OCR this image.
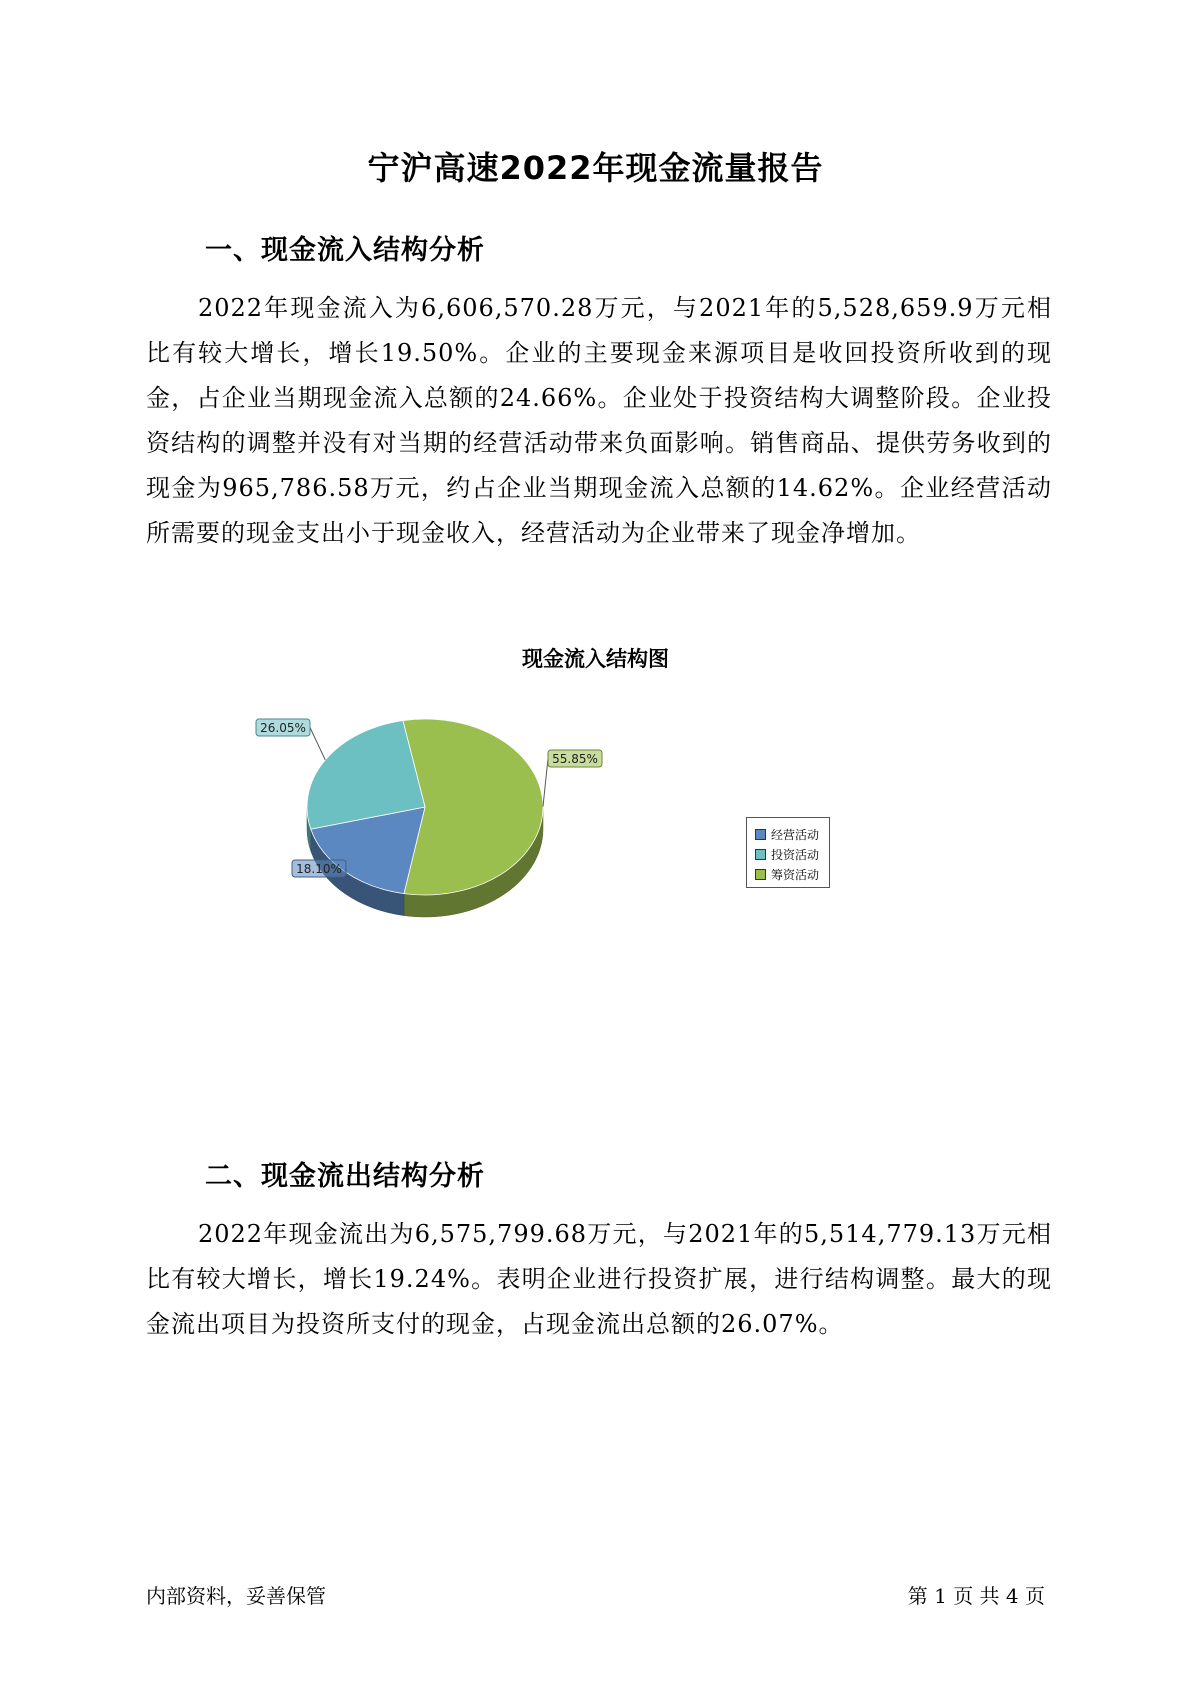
宁沪高速2022年现金流量报告
一、现金流入结构分析
2022年现金流入为6,606,570.28万元，与2021年的5,528,659.9万元相比有较大增长，增长19.50%。企业的主要现金来源项目是收回投资所收到的现金，占企业当期现金流入总额的24.66%。企业处于投资结构大调整阶段。企业投资结构的调整并没有对当期的经营活动带来负面影响。销售商品、提供劳务收到的现金为965,786.58万元，约占企业当期现金流入总额的14.62%。企业经营活动所需要的现金支出小于现金收入，经营活动为企业带来了现金净增加。
现金流入结构图
55.85%
18.10%
26.05%
经营活动
投资活动
筹资活动
二、现金流出结构分析
2022年现金流出为6,575,799.68万元，与2021年的5,514,779.13万元相比有较大增长，增长19.24%。表明企业进行投资扩展，进行结构调整。最大的现金流出项目为投资所支付的现金，占现金流出总额的26.07%。
内部资料，妥善保管	第 1 页 共 4 页
